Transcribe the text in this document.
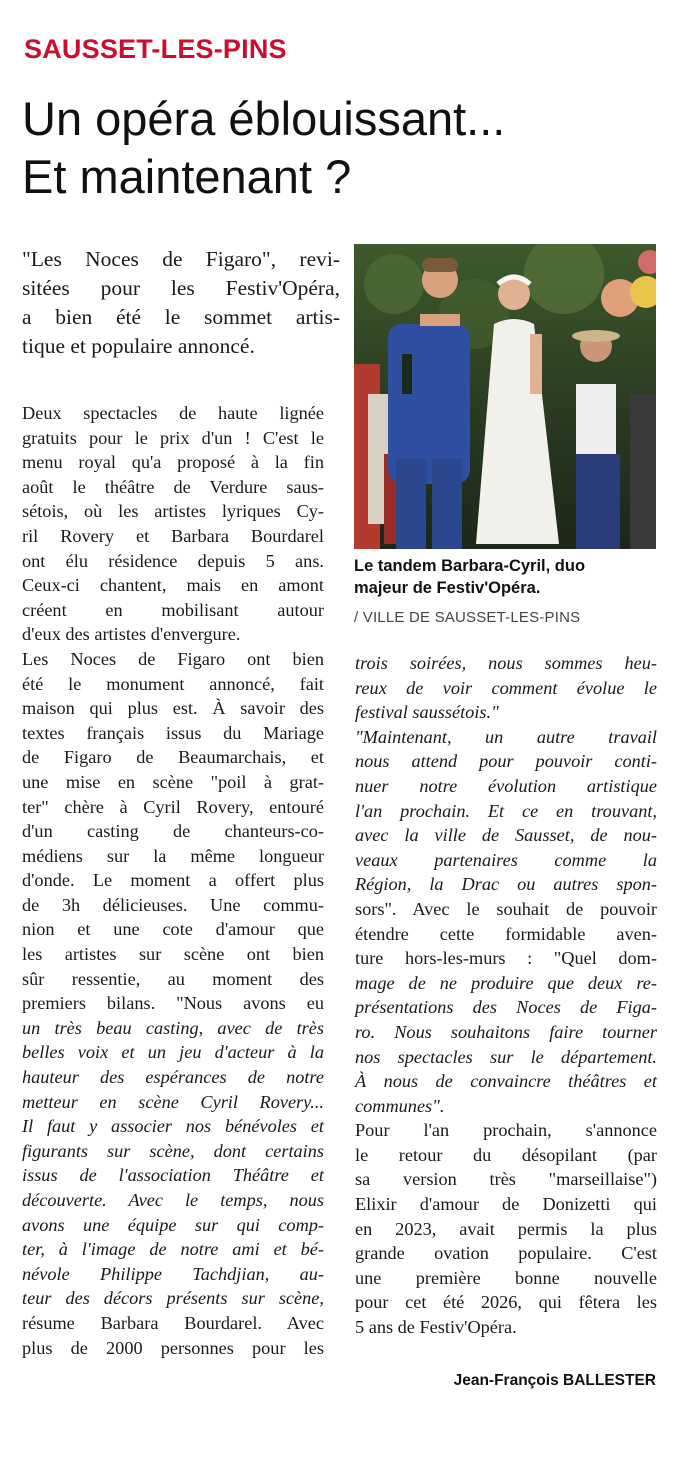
SAUSSET-LES-PINS
Un opéra éblouissant...
Et maintenant ?
"Les Noces de Figaro", revi-
sitées pour les Festiv'Opéra,
a bien été le sommet artis-
tique et populaire annoncé.
Le tandem Barbara-Cyril, duo
majeur de Festiv'Opéra.
/ VILLE DE SAUSSET-LES-PINS
Deux spectacles de haute lignée
gratuits pour le prix d'un ! C'est le
menu royal qu'a proposé à la fin
août le théâtre de Verdure saus-
sétois, où les artistes lyriques Cy-
ril Rovery et Barbara Bourdarel
ont élu résidence depuis 5 ans.
Ceux-ci chantent, mais en amont
créent en mobilisant autour
d'eux des artistes d'envergure.
Les Noces de Figaro ont bien
été le monument annoncé, fait
maison qui plus est. À savoir des
textes français issus du Mariage
de Figaro de Beaumarchais, et
une mise en scène "poil à grat-
ter" chère à Cyril Rovery, entouré
d'un casting de chanteurs-co-
médiens sur la même longueur
d'onde. Le moment a offert plus
de 3h délicieuses. Une commu-
nion et une cote d'amour que
les artistes sur scène ont bien
sûr ressentie, au moment des
premiers bilans. "Nous avons eu
un très beau casting, avec de très
belles voix et un jeu d'acteur à la
hauteur des espérances de notre
metteur en scène Cyril Rovery...
Il faut y associer nos bénévoles et
figurants sur scène, dont certains
issus de l'association Théâtre et
découverte. Avec le temps, nous
avons une équipe sur qui comp-
ter, à l'image de notre ami et bé-
névole Philippe Tachdjian, au-
teur des décors présents sur scène,
résume Barbara Bourdarel. Avec
plus de 2000 personnes pour les
trois soirées, nous sommes heu-
reux de voir comment évolue le
festival saussétois."
"Maintenant, un autre travail
nous attend pour pouvoir conti-
nuer notre évolution artistique
l'an prochain. Et ce en trouvant,
avec la ville de Sausset, de nou-
veaux partenaires comme la
Région, la Drac ou autres spon-
sors". Avec le souhait de pouvoir
étendre cette formidable aven-
ture hors-les-murs : "Quel dom-
mage de ne produire que deux re-
présentations des Noces de Figa-
ro. Nous souhaitons faire tourner
nos spectacles sur le département.
À nous de convaincre théâtres et
communes".
Pour l'an prochain, s'annonce
le retour du désopilant (par
sa version très "marseillaise")
Elixir d'amour de Donizetti qui
en 2023, avait permis la plus
grande ovation populaire. C'est
une première bonne nouvelle
pour cet été 2026, qui fêtera les
5 ans de Festiv'Opéra.
Jean-François BALLESTER
